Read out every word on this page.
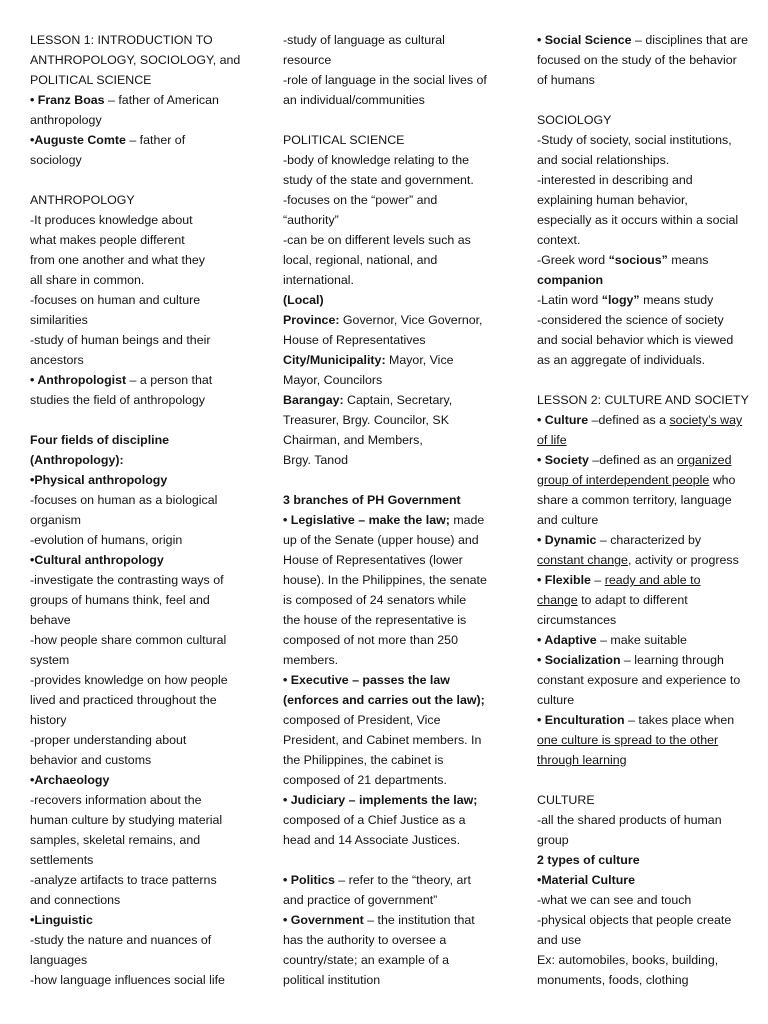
LESSON 1: INTRODUCTION TO
ANTHROPOLOGY, SOCIOLOGY, and
POLITICAL SCIENCE
• Franz Boas – father of American
anthropology
•Auguste Comte – father of
sociology
ANTHROPOLOGY
-It produces knowledge about
what makes people different
from one another and what they
all share in common.
-focuses on human and culture
similarities
-study of human beings and their
ancestors
• Anthropologist – a person that
studies the field of anthropology
Four fields of discipline
(Anthropology):
•Physical anthropology
-focuses on human as a biological
organism
-evolution of humans, origin
•Cultural anthropology
-investigate the contrasting ways of
groups of humans think, feel and
behave
-how people share common cultural
system
-provides knowledge on how people
lived and practiced throughout the
history
-proper understanding about
behavior and customs
•Archaeology
-recovers information about the
human culture by studying material
samples, skeletal remains, and
settlements
-analyze artifacts to trace patterns
and connections
•Linguistic
-study the nature and nuances of
languages
-how language influences social life
-study of language as cultural
resource
-role of language in the social lives of
an individual/communities
POLITICAL SCIENCE
-body of knowledge relating to the
study of the state and government.
-focuses on the “power” and
“authority”
-can be on different levels such as
local, regional, national, and
international.
(Local)
Province: Governor, Vice Governor,
House of Representatives
City/Municipality: Mayor, Vice
Mayor, Councilors
Barangay: Captain, Secretary,
Treasurer, Brgy. Councilor, SK
Chairman, and Members,
Brgy. Tanod
3 branches of PH Government
• Legislative – make the law; made
up of the Senate (upper house) and
House of Representatives (lower
house). In the Philippines, the senate
is composed of 24 senators while
the house of the representative is
composed of not more than 250
members.
• Executive – passes the law
(enforces and carries out the law);
composed of President, Vice
President, and Cabinet members. In
the Philippines, the cabinet is
composed of 21 departments.
• Judiciary – implements the law;
composed of a Chief Justice as a
head and 14 Associate Justices.
• Politics – refer to the “theory, art
and practice of government”
• Government – the institution that
has the authority to oversee a
country/state; an example of a
political institution
• Social Science – disciplines that are
focused on the study of the behavior
of humans
SOCIOLOGY
-Study of society, social institutions,
and social relationships.
-interested in describing and
explaining human behavior,
especially as it occurs within a social
context.
-Greek word “socious” means
companion
-Latin word “logy” means study
-considered the science of society
and social behavior which is viewed
as an aggregate of individuals.
LESSON 2: CULTURE AND SOCIETY
• Culture –defined as a society’s way
of life
• Society –defined as an organized
group of interdependent people who
share a common territory, language
and culture
• Dynamic – characterized by
constant change, activity or progress
• Flexible – ready and able to
change to adapt to different
circumstances
• Adaptive – make suitable
• Socialization – learning through
constant exposure and experience to
culture
• Enculturation – takes place when
one culture is spread to the other
through learning
CULTURE
-all the shared products of human
group
2 types of culture
•Material Culture
-what we can see and touch
-physical objects that people create
and use
Ex: automobiles, books, building,
monuments, foods, clothing
